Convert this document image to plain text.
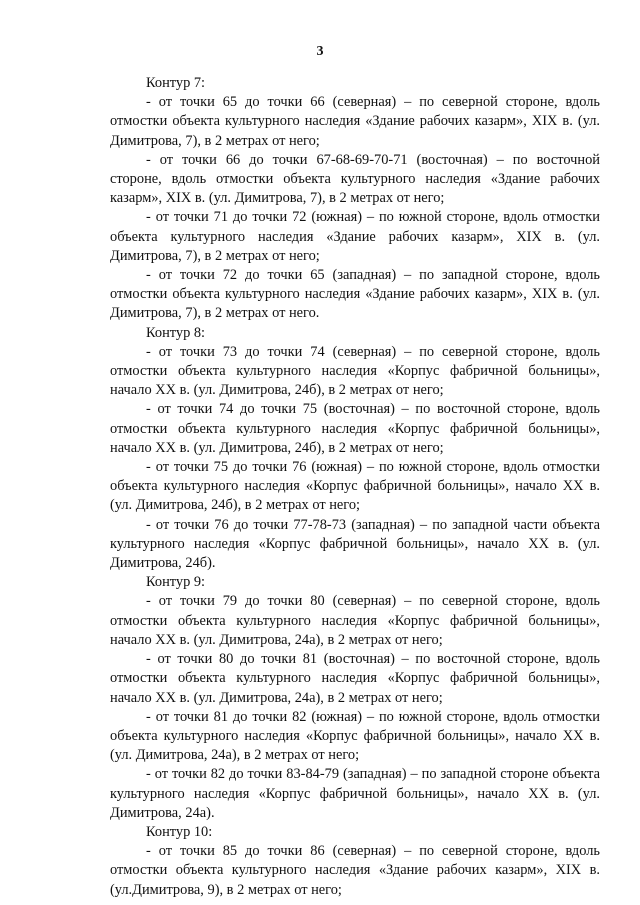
3

Контур 7:

- от точки 65 до точки 66 (северная) – по северной стороне, вдоль отмостки объекта культурного наследия «Здание рабочих казарм», XIX в. (ул. Димитрова, 7), в 2 метрах от него;

- от точки 66 до точки 67-68-69-70-71 (восточная) – по восточной стороне, вдоль отмостки объекта культурного наследия «Здание рабочих казарм», XIX в. (ул. Димитрова, 7), в 2 метрах от него;

- от точки 71 до точки 72 (южная) – по южной стороне, вдоль отмостки объекта культурного наследия «Здание рабочих казарм», XIX в. (ул. Димитрова, 7), в 2 метрах от него;

- от точки 72 до точки 65 (западная) – по западной стороне, вдоль отмостки объекта культурного наследия «Здание рабочих казарм», XIX в. (ул. Димитрова, 7), в 2 метрах от него.

Контур 8:

- от точки 73 до точки 74 (северная) – по северной стороне, вдоль отмостки объекта культурного наследия «Корпус фабричной больницы», начало XX в. (ул. Димитрова, 24б), в 2 метрах от него;

- от точки 74 до точки 75 (восточная) – по восточной стороне, вдоль отмостки объекта культурного наследия «Корпус фабричной больницы», начало XX в. (ул. Димитрова, 24б), в 2 метрах от него;

- от точки 75 до точки 76 (южная) – по южной стороне, вдоль отмостки объекта культурного наследия «Корпус фабричной больницы», начало XX в. (ул. Димитрова, 24б), в 2 метрах от него;

- от точки 76 до точки 77-78-73 (западная) – по западной части объекта культурного наследия «Корпус фабричной больницы», начало XX в. (ул. Димитрова, 24б).

Контур 9:

- от точки 79 до точки 80 (северная) – по северной стороне, вдоль отмостки объекта культурного наследия «Корпус фабричной больницы», начало XX в. (ул. Димитрова, 24а), в 2 метрах от него;

- от точки 80 до точки 81 (восточная) – по восточной стороне, вдоль отмостки объекта культурного наследия «Корпус фабричной больницы», начало XX в. (ул. Димитрова, 24а), в 2 метрах от него;

- от точки 81 до точки 82 (южная) – по южной стороне, вдоль отмостки объекта культурного наследия «Корпус фабричной больницы», начало XX в. (ул. Димитрова, 24а), в 2 метрах от него;

- от точки 82 до точки 83-84-79 (западная) – по западной стороне объекта культурного наследия «Корпус фабричной больницы», начало XX в. (ул. Димитрова, 24а).

Контур 10:

- от точки 85 до точки 86 (северная) – по северной стороне, вдоль отмостки объекта культурного наследия «Здание рабочих казарм», XIX в. (ул.Димитрова, 9), в 2 метрах от него;
